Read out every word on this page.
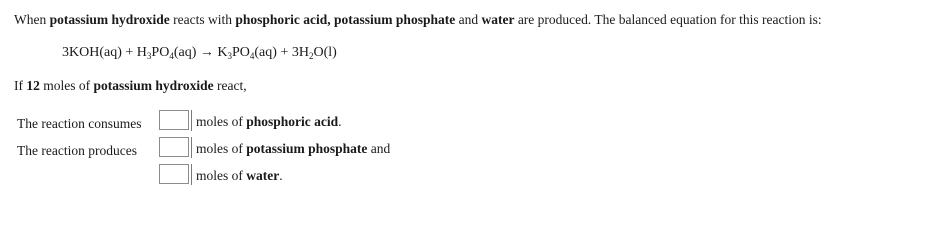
When potassium hydroxide reacts with phosphoric acid, potassium phosphate and water are produced. The balanced equation for this reaction is:
$3KOH(aq) + H_3PO_4(aq) \to K_3PO_4(aq) + 3H_2O(l)$
If 12 moles of potassium hydroxide react,
The reaction consumes	moles of phosphoric acid.
The reaction produces	moles of potassium phosphate and
moles of water.
